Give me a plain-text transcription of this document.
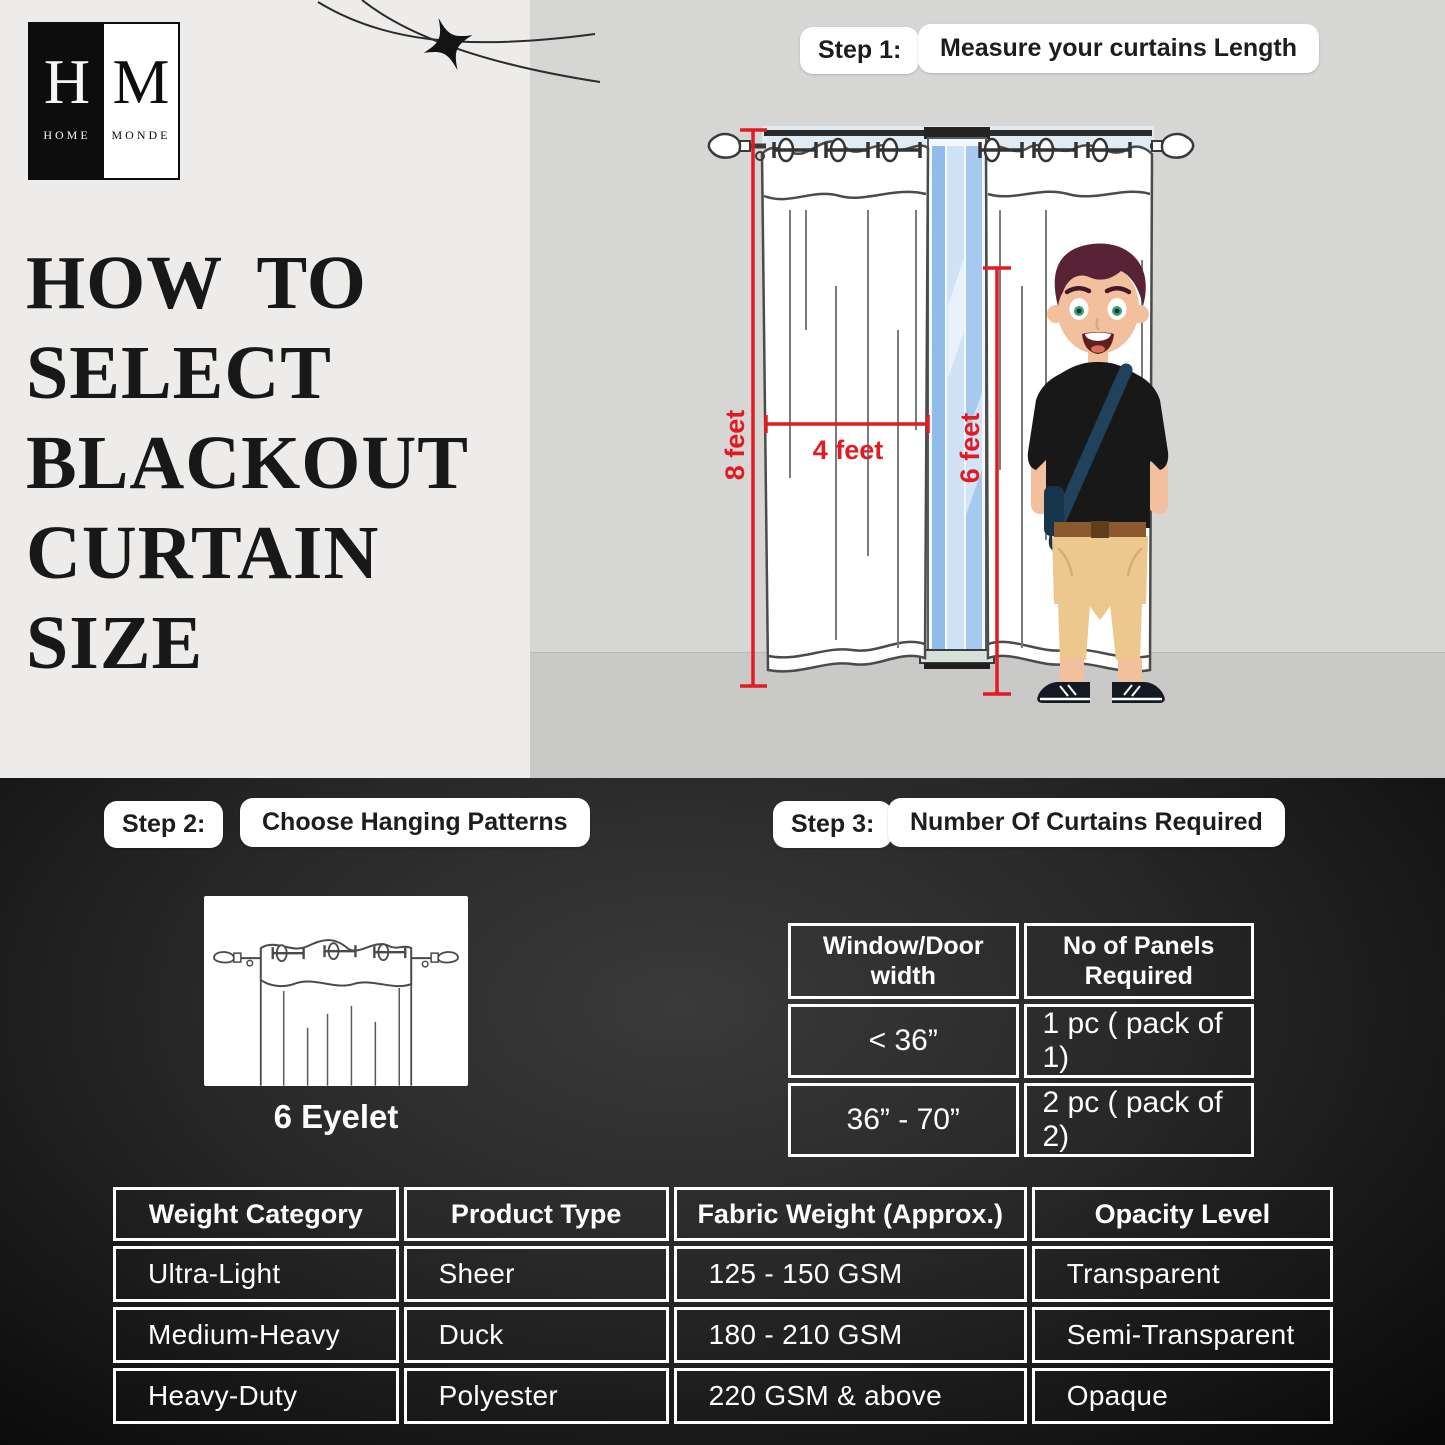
H
HOME
M
MONDE
HOW TO
SELECT
BLACKOUT
CURTAIN
SIZE
Step 1:	Measure your curtains Length
8 feet 4 feet	6 feet
Step 2:	Choose Hanging Patterns	Step 3:	Number Of Curtains Required
6 Eyelet
Window/Door width	No of Panels Required
< 36”	1 pc ( pack of 1)
36” - 70”	2 pc ( pack of 2)
Weight Category	Product Type	Fabric Weight (Approx.)	Opacity Level
Ultra-Light	Sheer	125 - 150 GSM	Transparent
Medium-Heavy	Duck	180 - 210 GSM	Semi-Transparent
Heavy-Duty	Polyester	220 GSM & above	Opaque
